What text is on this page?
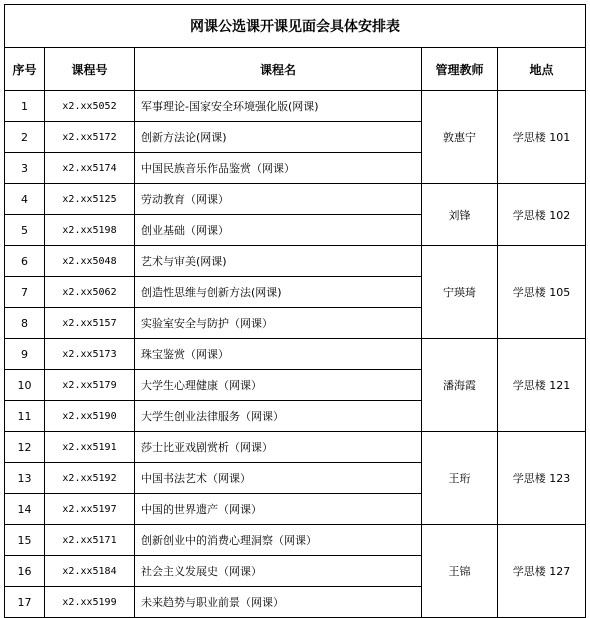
网课公选课开课见面会具体安排表				
序号	课程号	课程名	管理教师	地点
1	x2.xx5052	军事理论-国家安全环境强化版(网课)	敦惠宁	学思楼 101
2	x2.xx5172	创新方法论(网课)		
3	x2.xx5174	中国民族音乐作品鉴赏（网课）		
4	x2.xx5125	劳动教育（网课）	刘锋	学思楼 102
5	x2.xx5198	创业基础（网课）		
6	x2.xx5048	艺术与审美(网课)	宁瑛琦	学思楼 105
7	x2.xx5062	创造性思维与创新方法(网课)		
8	x2.xx5157	实验室安全与防护（网课）		
9	x2.xx5173	珠宝鉴赏（网课）	潘海霞	学思楼 121
10	x2.xx5179	大学生心理健康（网课）		
11	x2.xx5190	大学生创业法律服务（网课）		
12	x2.xx5191	莎士比亚戏剧赏析（网课）	王珩	学思楼 123
13	x2.xx5192	中国书法艺术（网课）		
14	x2.xx5197	中国的世界遗产（网课）		
15	x2.xx5171	创新创业中的消费心理洞察（网课）	王锦	学思楼 127
16	x2.xx5184	社会主义发展史（网课）		
17	x2.xx5199	未来趋势与职业前景（网课）		
